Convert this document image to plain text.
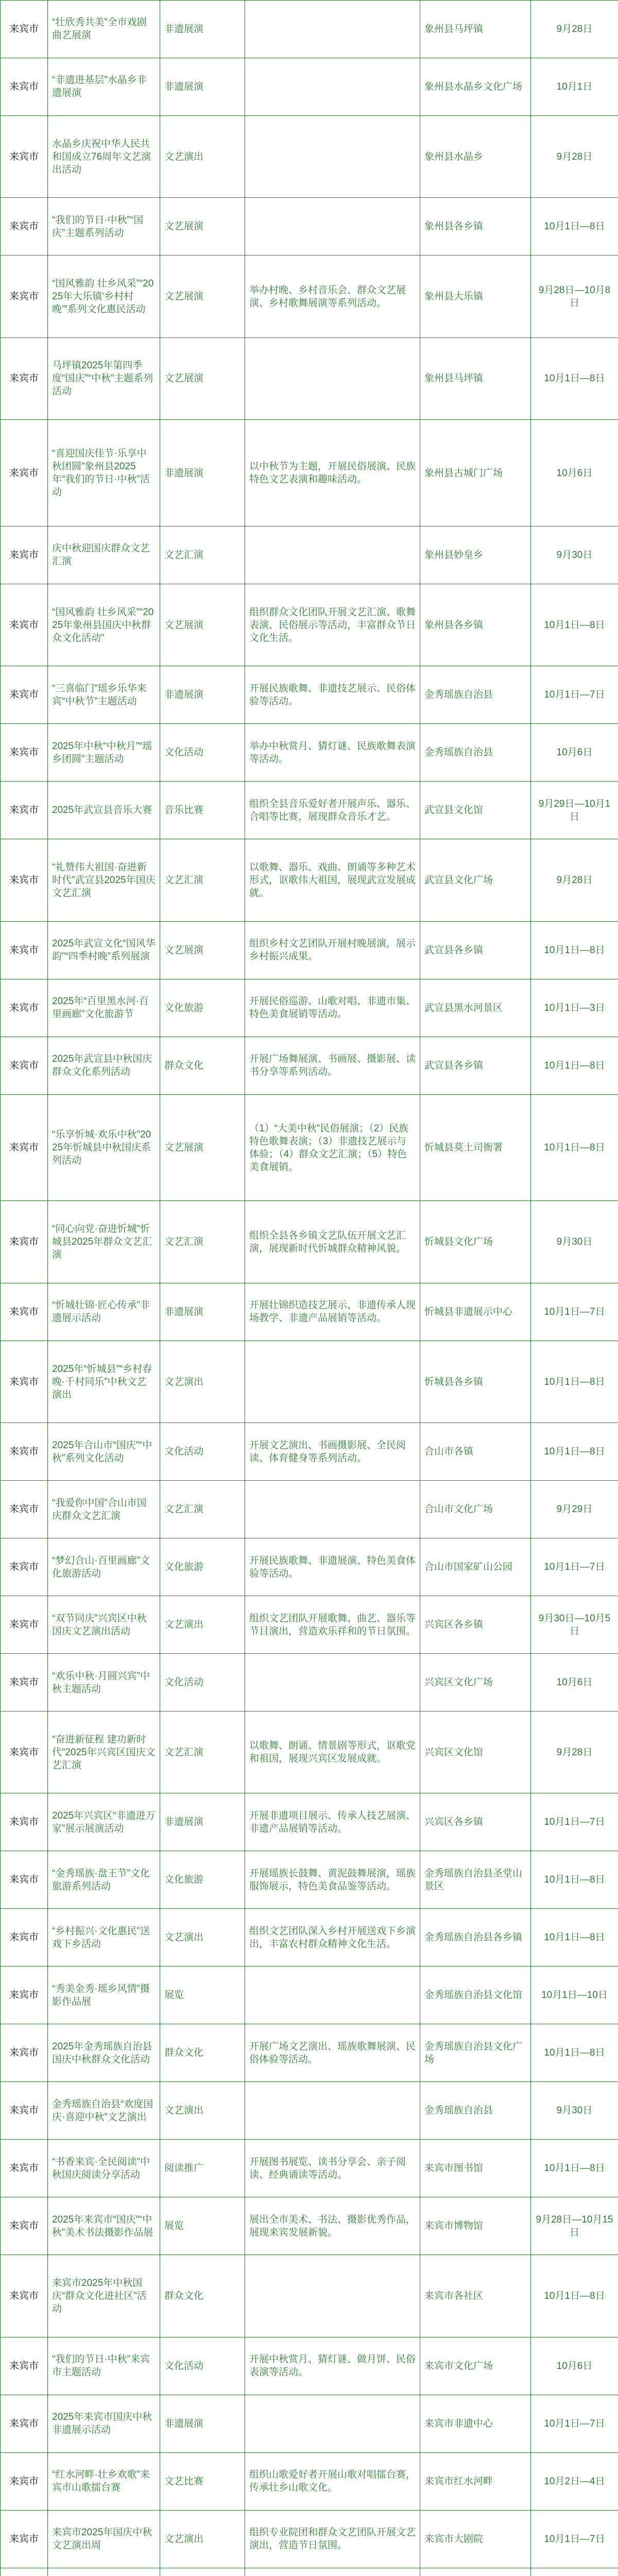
来宾市	“壮欣秀共美”全市戏剧曲艺展演	非遗展演		象州县马坪镇	9月28日
来宾市	“非遗进基层”水晶乡非遗展演	非遗展演		象州县水晶乡文化广场	10月1日
来宾市	水晶乡庆祝中华人民共和国成立76周年文艺演出活动	文艺演出		象州县水晶乡	9月28日
来宾市	“我们的节日·中秋”“国庆”主题系列活动	文艺展演		象州县各乡镇	10月1日—8日
来宾市	“国风雅韵 壮乡风采”“2025年大乐镇‘乡村村晚’”系列文化惠民活动	文艺展演	举办村晚、乡村音乐会、群众文艺展演、乡村歌舞展演等系列活动。	象州县大乐镇	9月28日—10月8日
来宾市	马坪镇2025年第四季度“国庆”“中秋”主题系列活动	文艺展演		象州县马坪镇	10月1日—8日
来宾市	“喜迎国庆佳节·乐享中秋团圆”象州县2025年“我们的节日·中秋”活动	非遗展演	以中秋节为主题，开展民俗展演、民族特色文艺表演和趣味活动。	象州县古城门广场	10月6日
来宾市	庆中秋迎国庆群众文艺汇演	文艺汇演		象州县妙皇乡	9月30日
来宾市	“国风雅韵 壮乡风采”“2025年象州县国庆中秋群众文化活动”	文艺展演	组织群众文化团队开展文艺汇演、歌舞表演、民俗展示等活动，丰富群众节日文化生活。	象州县各乡镇	10月1日—8日
来宾市	“三喜临门”瑶乡乐华来宾“中秋节”主题活动	非遗展演	开展民族歌舞、非遗技艺展示、民俗体验等活动。	金秀瑶族自治县	10月1日—7日
来宾市	2025年中秋“中秋月”“瑶乡团圆”主题活动	文化活动	举办中秋赏月、猜灯谜、民族歌舞表演等活动。	金秀瑶族自治县	10月6日
来宾市	2025年武宣县音乐大赛	音乐比赛	组织全县音乐爱好者开展声乐、器乐、合唱等比赛，展现群众音乐才艺。	武宣县文化馆	9月29日—10月1日
来宾市	“礼赞伟大祖国·奋进新时代”武宣县2025年国庆文艺汇演	文艺汇演	以歌舞、器乐、戏曲、朗诵等多种艺术形式，讴歌伟大祖国，展现武宣发展成就。	武宣县文化广场	9月28日
来宾市	2025年武宣文化“国风华韵”“四季村晚”系列展演	文艺展演	组织乡村文艺团队开展村晚展演，展示乡村振兴成果。	武宣县各乡镇	10月1日—8日
来宾市	2025年“百里黑水河·百里画廊”文化旅游节	文化旅游	开展民俗巡游、山歌对唱、非遗市集、特色美食展销等活动。	武宣县黑水河景区	10月1日—3日
来宾市	2025年武宣县中秋国庆群众文化系列活动	群众文化	开展广场舞展演、书画展、摄影展、读书分享等系列活动。	武宣县各乡镇	10月1日—8日
来宾市	“乐享忻城·欢乐中秋”2025年忻城县中秋国庆系列活动	文艺展演	（1）“大美中秋”民俗展演；（2）民族特色歌舞表演；（3）非遗技艺展示与体验；（4）群众文艺汇演；（5）特色美食展销。	忻城县莫土司衙署	10月1日—8日
来宾市	“同心向党·奋进忻城”忻城县2025年群众文艺汇演	文艺汇演	组织全县各乡镇文艺队伍开展文艺汇演，展现新时代忻城群众精神风貌。	忻城县文化广场	9月30日
来宾市	“忻城壮锦·匠心传承”非遗展示活动	非遗展演	开展壮锦织造技艺展示、非遗传承人现场教学、非遗产品展销等活动。	忻城县非遗展示中心	10月1日—7日
来宾市	2025年“忻城县”“乡村春晚·千村同乐”中秋文艺演出	文艺演出		忻城县各乡镇	10月1日—8日
来宾市	2025年合山市“国庆”“中秋”系列文化活动	文化活动	开展文艺演出、书画摄影展、全民阅读、体育健身等系列活动。	合山市各镇	10月1日—8日
来宾市	“我爱你中国”合山市国庆群众文艺汇演	文艺汇演		合山市文化广场	9月29日
来宾市	“梦幻合山·百里画廊”文化旅游活动	文化旅游	开展民族歌舞、非遗展演、特色美食体验等活动。	合山市国家矿山公园	10月1日—7日
来宾市	“双节同庆”兴宾区中秋国庆文艺演出活动	文艺演出	组织文艺团队开展歌舞、曲艺、器乐等节目演出，营造欢乐祥和的节日氛围。	兴宾区各乡镇	9月30日—10月5日
来宾市	“欢乐中秋·月圆兴宾”中秋主题活动	文化活动		兴宾区文化广场	10月6日
来宾市	“奋进新征程 建功新时代”2025年兴宾区国庆文艺汇演	文艺汇演	以歌舞、朗诵、情景剧等形式，讴歌党和祖国，展现兴宾区发展成就。	兴宾区文化馆	9月28日
来宾市	2025年兴宾区“非遗进万家”展示展演活动	非遗展演	开展非遗项目展示、传承人技艺展演、非遗产品展销等活动。	兴宾区各乡镇	10月1日—7日
来宾市	“金秀瑶族·盘王节”文化旅游系列活动	文化旅游	开展瑶族长鼓舞、黄泥鼓舞展演，瑶族服饰展示，特色美食品鉴等活动。	金秀瑶族自治县圣堂山景区	10月1日—8日
来宾市	“乡村振兴·文化惠民”送戏下乡活动	文艺演出	组织文艺团队深入乡村开展送戏下乡演出，丰富农村群众精神文化生活。	金秀瑶族自治县各乡镇	10月1日—8日
来宾市	“秀美金秀·瑶乡风情”摄影作品展	展览		金秀瑶族自治县文化馆	10月1日—10日
来宾市	2025年金秀瑶族自治县国庆中秋群众文化活动	群众文化	开展广场文艺演出、瑶族歌舞展演、民俗体验等活动。	金秀瑶族自治县文化广场	10月1日—8日
来宾市	金秀瑶族自治县“欢度国庆·喜迎中秋”文艺演出	文艺演出		金秀瑶族自治县	9月30日
来宾市	“书香来宾·全民阅读”中秋国庆阅读分享活动	阅读推广	开展图书展览、读书分享会、亲子阅读、经典诵读等活动。	来宾市图书馆	10月1日—8日
来宾市	2025年来宾市“国庆”“中秋”美术书法摄影作品展	展览	展出全市美术、书法、摄影优秀作品，展现来宾发展新貌。	来宾市博物馆	9月28日—10月15日
来宾市	来宾市2025年中秋国庆“群众文化进社区”活动	群众文化		来宾市各社区	10月1日—8日
来宾市	“我们的节日·中秋”来宾市主题活动	文化活动	开展中秋赏月、猜灯谜、做月饼、民俗表演等活动。	来宾市文化广场	10月6日
来宾市	2025年来宾市国庆中秋非遗展示活动	非遗展演		来宾市非遗中心	10月1日—7日
来宾市	“红水河畔·壮乡欢歌”来宾市山歌擂台赛	文艺比赛	组织山歌爱好者开展山歌对唱擂台赛，传承壮乡山歌文化。	来宾市红水河畔	10月2日—4日
来宾市	来宾市2025年国庆中秋文艺演出周	文艺演出	组织专业院团和群众文艺团队开展文艺演出，营造节日氛围。	来宾市大剧院	10月1日—7日
